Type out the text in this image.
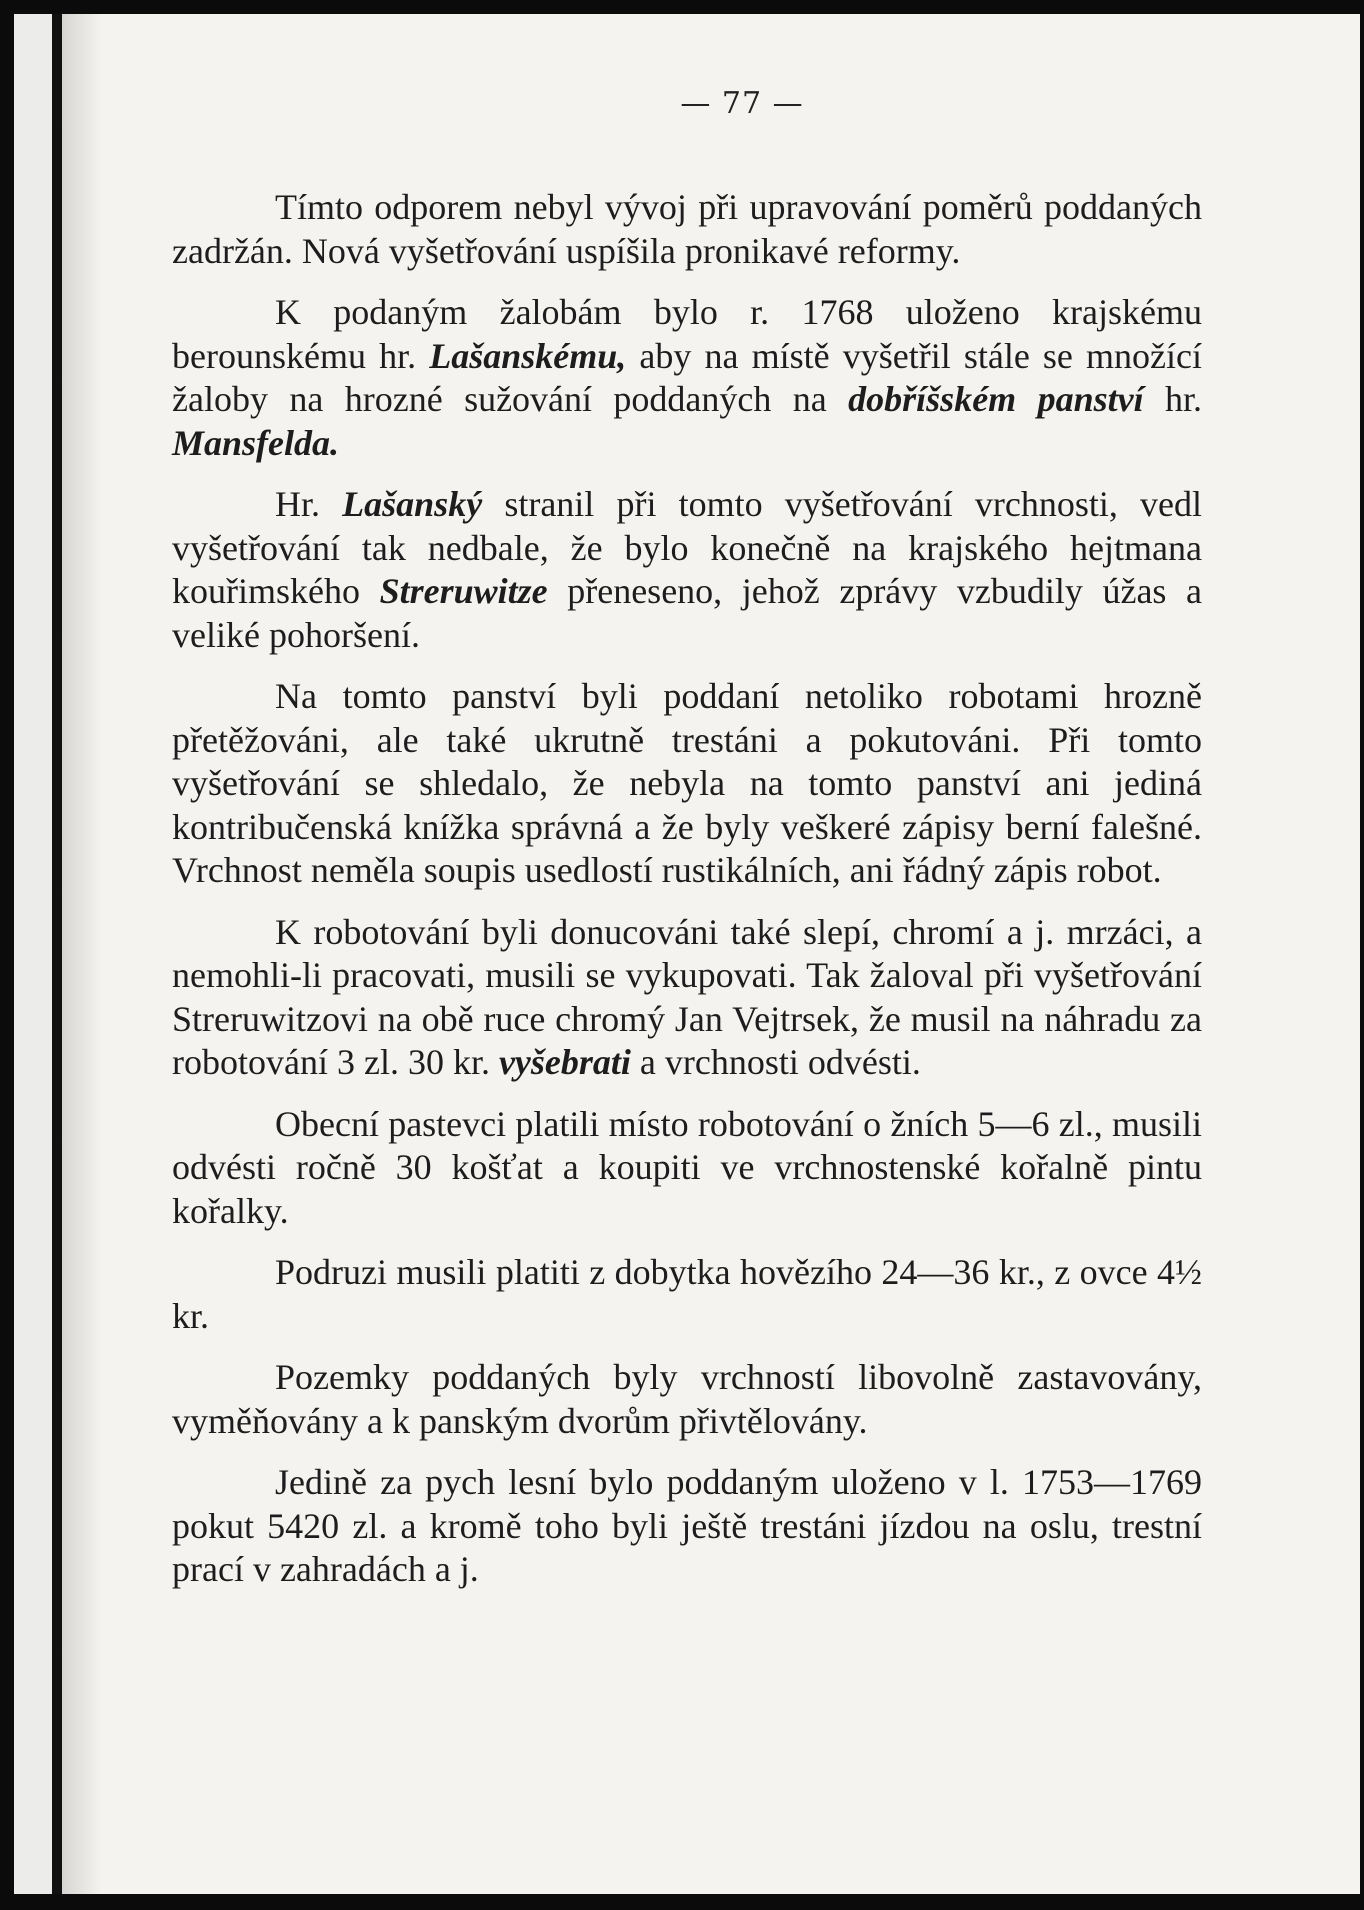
— 77 —

Tímto odporem nebyl vývoj při upravování poměrů poddaných zadržán. Nová vyšetřování uspíšila pronikavé reformy.

K podaným žalobám bylo r. 1768 uloženo krajskému berounskému hr. Lašanskému, aby na místě vyšetřil stále se množící žaloby na hrozné sužování poddaných na dobříšském panství hr. Mansfelda.

Hr. Lašanský stranil při tomto vyšetřování vrchnosti, vedl vyšetřování tak nedbale, že bylo konečně na krajského hejtmana kouřimského Streruwitze přeneseno, jehož zprávy vzbudily úžas a veliké pohoršení.

Na tomto panství byli poddaní netoliko robotami hrozně přetěžováni, ale také ukrutně trestáni a pokutováni. Při tomto vyšetřování se shledalo, že nebyla na tomto panství ani jediná kontribučenská knížka správná a že byly veškeré zápisy berní falešné. Vrchnost neměla soupis usedlostí rustikálních, ani řádný zápis robot.

K robotování byli donucováni také slepí, chromí a j. mrzáci, a nemohli-li pracovati, musili se vykupovati. Tak žaloval při vyšetřování Streruwitzovi na obě ruce chromý Jan Vejtrsek, že musil na náhradu za robotování 3 zl. 30 kr. vyšebrati a vrchnosti odvésti.

Obecní pastevci platili místo robotování o žních 5—6 zl., musili odvésti ročně 30 košťat a koupiti ve vrchnostenské kořalně pintu kořalky.

Podruzi musili platiti z dobytka hovězího 24—36 kr., z ovce 4½ kr.

Pozemky poddaných byly vrchností libovolně zastavovány, vyměňovány a k panským dvorům přivtělovány.

Jedině za pych lesní bylo poddaným uloženo v l. 1753—1769 pokut 5420 zl. a kromě toho byli ještě trestáni jízdou na oslu, trestní prací v zahradách a j.
